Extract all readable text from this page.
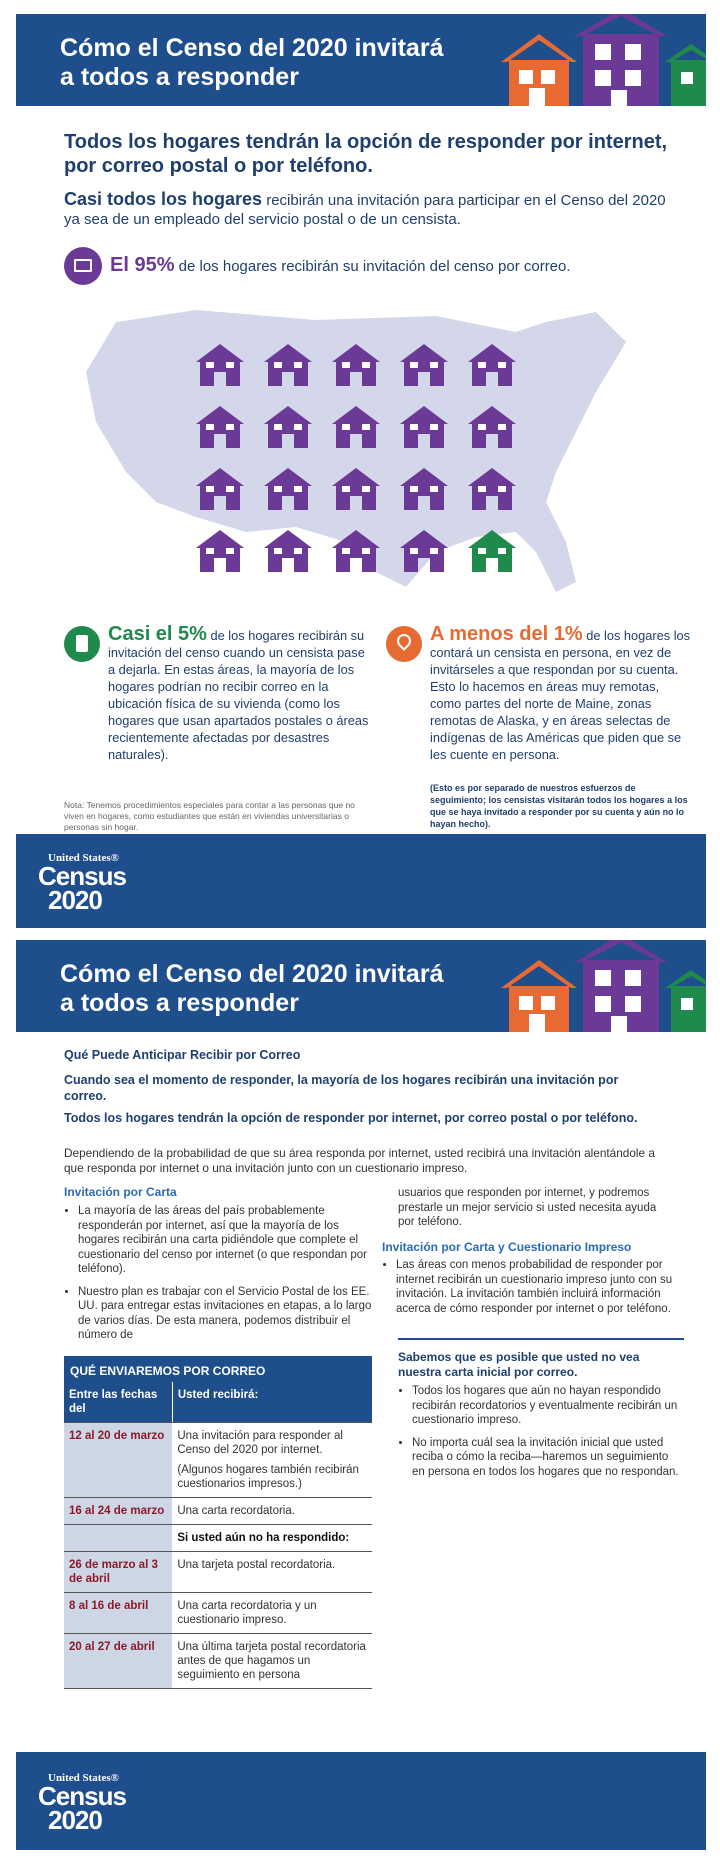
Cómo el Censo del 2020 invitará
a todos a responder
Todos los hogares tendrán la opción de responder por internet, por correo postal o por teléfono.
Casi todos los hogares recibirán una invitación para participar en el Censo del 2020 ya sea de un empleado del servicio postal o de un censista.
El 95% de los hogares recibirán su invitación del censo por correo.
Casi el 5% de los hogares recibirán su invitación del censo cuando un censista pase a dejarla. En estas áreas, la mayoría de los hogares podrían no recibir correo en la ubicación física de su vivienda (como los hogares que usan apartados postales o áreas recientemente afectadas por desastres naturales).
A menos del 1% de los hogares los contará un censista en persona, en vez de invitárseles a que respondan por su cuenta. Esto lo hacemos en áreas muy remotas, como partes del norte de Maine, zonas remotas de Alaska, y en áreas selectas de indígenas de las Américas que piden que se les cuente en persona.
(Esto es por separado de nuestros esfuerzos de seguimiento; los censistas visitarán todos los hogares a los que se haya invitado a responder por su cuenta y aún no lo hayan hecho).
Nota: Tenemos procedimientos especiales para contar a las personas que no viven en hogares, como estudiantes que están en viviendas universitarias o personas sin hogar.
United States®
Census
2020
Cómo el Censo del 2020 invitará
a todos a responder
Qué Puede Anticipar Recibir por Correo
Cuando sea el momento de responder, la mayoría de los hogares recibirán una invitación por correo.
Todos los hogares tendrán la opción de responder por internet, por correo postal o por teléfono.
Dependiendo de la probabilidad de que su área responda por internet, usted recibirá una invitación alentándole a que responda por internet o una invitación junto con un cuestionario impreso.
Invitación por Carta
• La mayoría de las áreas del país probablemente responderán por internet, así que la mayoría de los hogares recibirán una carta pidiéndole que complete el cuestionario del censo por internet (o que respondan por teléfono).
• Nuestro plan es trabajar con el Servicio Postal de los EE. UU. para entregar estas invitaciones en etapas, a lo largo de varios días. De esta manera, podemos distribuir el número de
usuarios que responden por internet, y podremos prestarle un mejor servicio si usted necesita ayuda por teléfono.
Invitación por Carta y Cuestionario Impreso
• Las áreas con menos probabilidad de responder por internet recibirán un cuestionario impreso junto con su invitación. La invitación también incluirá información acerca de cómo responder por internet o por teléfono.
Sabemos que es posible que usted no vea nuestra carta inicial por correo.
• Todos los hogares que aún no hayan respondido recibirán recordatorios y eventualmente recibirán un cuestionario impreso.
• No importa cuál sea la invitación inicial que usted reciba o cómo la reciba—haremos un seguimiento en persona en todos los hogares que no respondan.
QUÉ ENVIAREMOS POR CORREO
Entre las fechas del	Usted recibirá:
12 al 20 de marzo	Una invitación para responder al Censo del 2020 por internet.
(Algunos hogares también recibirán cuestionarios impresos.)

16 al 24 de marzo	Una carta recordatoria.

	Si usted aún no ha respondido:

26 de marzo al 3 de abril	Una tarjeta postal recordatoria.

8 al 16 de abril	Una carta recordatoria y un cuestionario impreso.

20 al 27 de abril	Una última tarjeta postal recordatoria antes de que hagamos un seguimiento en persona
United States®
Census
2020
